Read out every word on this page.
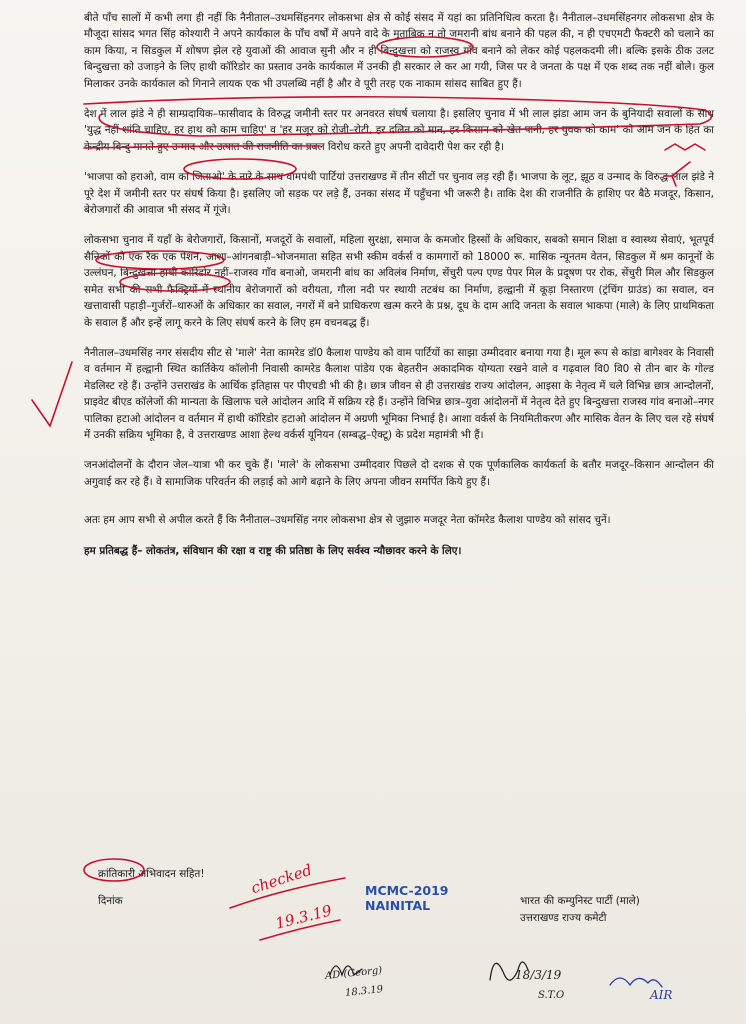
बीते पाँच सालों में कभी लगा ही नहीं कि नैनीताल–उधमसिंहनगर लोकसभा क्षेत्र से कोई संसद में यहां का प्रतिनिधित्व करता है। नैनीताल–उधमसिंहनगर लोकसभा क्षेत्र के मौजूदा सांसद भगत सिंह कोश्यारी ने अपने कार्यकाल के पाँच वर्षों में अपने वादे के मुताबिक न तो जमरानी बांध बनाने की पहल की, न ही एचएमटी फैक्टरी को चलाने का काम किया, न सिडकुल में शोषण झेल रहे युवाओं की आवाज सुनी और न ही बिन्दुखत्ता को राजस्व गाँव बनाने को लेकर कोई पहलकदमी ली। बल्कि इसके ठीक उलट बिन्दुखत्ता को उजाड़ने के लिए हाथी कॉरिडोर का प्रस्ताव उनके कार्यकाल में उनकी ही सरकार ले कर आ गयी, जिस पर वे जनता के पक्ष में एक शब्द तक नहीं बोले। कुल मिलाकर उनके कार्यकाल को गिनाने लायक एक भी उपलब्धि नहीं है और वे पूरी तरह एक नाकाम सांसद साबित हुए हैं।

देश में लाल झंडे ने ही साम्प्रदायिक–फासीवाद के विरुद्ध जमीनी स्तर पर अनवरत संघर्ष चलाया है। इसलिए चुनाव में भी लाल झंडा आम जन के बुनियादी सवालों के साथ 'युद्ध नहीं शांति चाहिए, हर हाथ को काम चाहिए' व 'हर मजूर को रोजी–रोटी, हर दलित को मान, हर किसान को खेत पानी, हर युवक को काम' को आम जन के हित का केन्द्रीय बिन्दु मानते हुए उन्माद और उत्पात की राजनीति का प्रबल विरोध करते हुए अपनी दावेदारी पेश कर रही है।

'भाजपा को हराओ, वाम को जिताओ' के नारे के साथ वामपंथी पार्टियां उत्तराखण्ड में तीन सीटों पर चुनाव लड़ रही हैं। भाजपा के लूट, झूठ व उन्माद के विरुद्ध लाल झंडे ने पूरे देश में जमीनी स्तर पर संघर्ष किया है। इसलिए जो सड़क पर लड़े हैं, उनका संसद में पहुँचना भी जरूरी है। ताकि देश की राजनीति के हाशिए पर बैठे मजदूर, किसान, बेरोजगारों की आवाज भी संसद में गूंजे।

लोकसभा चुनाव में यहाँ के बेरोजगारों, किसानों, मजदूरों के सवालों, महिला सुरक्षा, समाज के कमजोर हिस्सों के अधिकार, सबको समान शिक्षा व स्वास्थ्य सेवाएं, भूतपूर्व सैनिकों को एक रैंक एक पेंशन, आशा–आंगनबाड़ी–भोजनमाता सहित सभी स्कीम वर्कर्स व कामगारों को 18000 रू. मासिक न्यूनतम वेतन, सिडकुल में श्रम कानूनों के उल्लंघन, बिन्दुखत्ता हाथी कॉरिडोर नहीं–राजस्व गाँव बनाओ, जमरानी बांध का अविलंब निर्माण, सेंचुरी पल्प एण्ड पेपर मिल के प्रदूषण पर रोक, सेंचुरी मिल और सिडकुल समेत सभी की सभी फैक्ट्रियों में स्थानीय बेरोजगारों को वरीयता, गौला नदी पर स्थायी तटबंध का निर्माण, हल्द्वानी में कूड़ा निस्तारण (ट्रंचिंग ग्राउंड) का सवाल, वन खत्तावासी पहाड़ी–गुर्जरों–थारुओं के अधिकार का सवाल, नगरों में बने प्राधिकरण खत्म करने के प्रश्न, दूध के दाम आदि जनता के सवाल भाकपा (माले) के लिए प्राथमिकता के सवाल हैं और इन्हें लागू करने के लिए संघर्ष करने के लिए हम वचनबद्ध हैं।

नैनीताल–उधमसिंह नगर संसदीय सीट से 'माले' नेता कामरेड डॉ0 कैलाश पाण्डेय को वाम पार्टियों का साझा उम्मीदवार बनाया गया है। मूल रूप से कांडा बागेश्वर के निवासी व वर्तमान में हल्द्वानी स्थित कार्तिकेय कॉलोनी निवासी कामरेड कैलाश पांडेय एक बेहतरीन अकादमिक योग्यता रखने वाले व गढ़वाल वि0 वि0 से तीन बार के गोल्ड मेडलिस्ट रहे हैं। उन्होंने उत्तराखंड के आर्थिक इतिहास पर पीएचडी भी की है। छात्र जीवन से ही उत्तराखंड राज्य आंदोलन, आइसा के नेतृत्व में चले विभिन्न छात्र आन्दोलनों, प्राइवेट बीएड कॉलेजों की मान्यता के खिलाफ चले आंदोलन आदि में सक्रिय रहे हैं। उन्होंने विभिन्न छात्र–युवा आंदोलनों में नेतृत्व देते हुए बिन्दुखत्ता राजस्व गांव बनाओ–नगर पालिका हटाओ आंदोलन व वर्तमान में हाथी कॉरिडोर हटाओ आंदोलन में अग्रणी भूमिका निभाई है। आशा वर्कर्स के नियमितीकरण और मासिक वेतन के लिए चल रहे संघर्ष में उनकी सक्रिय भूमिका है, वे उत्तराखण्ड आशा हेल्थ वर्कर्स यूनियन (सम्बद्ध–ऐक्टू) के प्रदेश महामंत्री भी हैं।

जनआंदोलनों के दौरान जेल–यात्रा भी कर चुके हैं। 'माले' के लोकसभा उम्मीदवार पिछले दो दशक से एक पूर्णकालिक कार्यकर्ता के बतौर मजदूर–किसान आन्दोलन की अगुवाई कर रहे हैं। वे सामाजिक परिवर्तन की लड़ाई को आगे बढ़ाने के लिए अपना जीवन समर्पित किये हुए हैं।

अतः हम आप सभी से अपील करते हैं कि नैनीताल–उधमसिंह नगर लोकसभा क्षेत्र से जुझारु मजदूर नेता कॉमरेड कैलाश पाण्डेय को सांसद चुनें।

हम प्रतिबद्ध हैं– लोकतंत्र, संविधान की रक्षा व राष्ट्र की प्रतिष्ठा के लिए सर्वस्व न्यौछावर करने के लिए।

क्रांतिकारी अभिवादन सहित!
दिनांक	भारत की कम्युनिस्ट पार्टी (माले)
उत्तराखण्ड राज्य कमेटी
checked
19.3.19
MCMC-2019
NAINITAL
AD (Georg)
18.3.19
18/3/19
S.T.O	AIR
